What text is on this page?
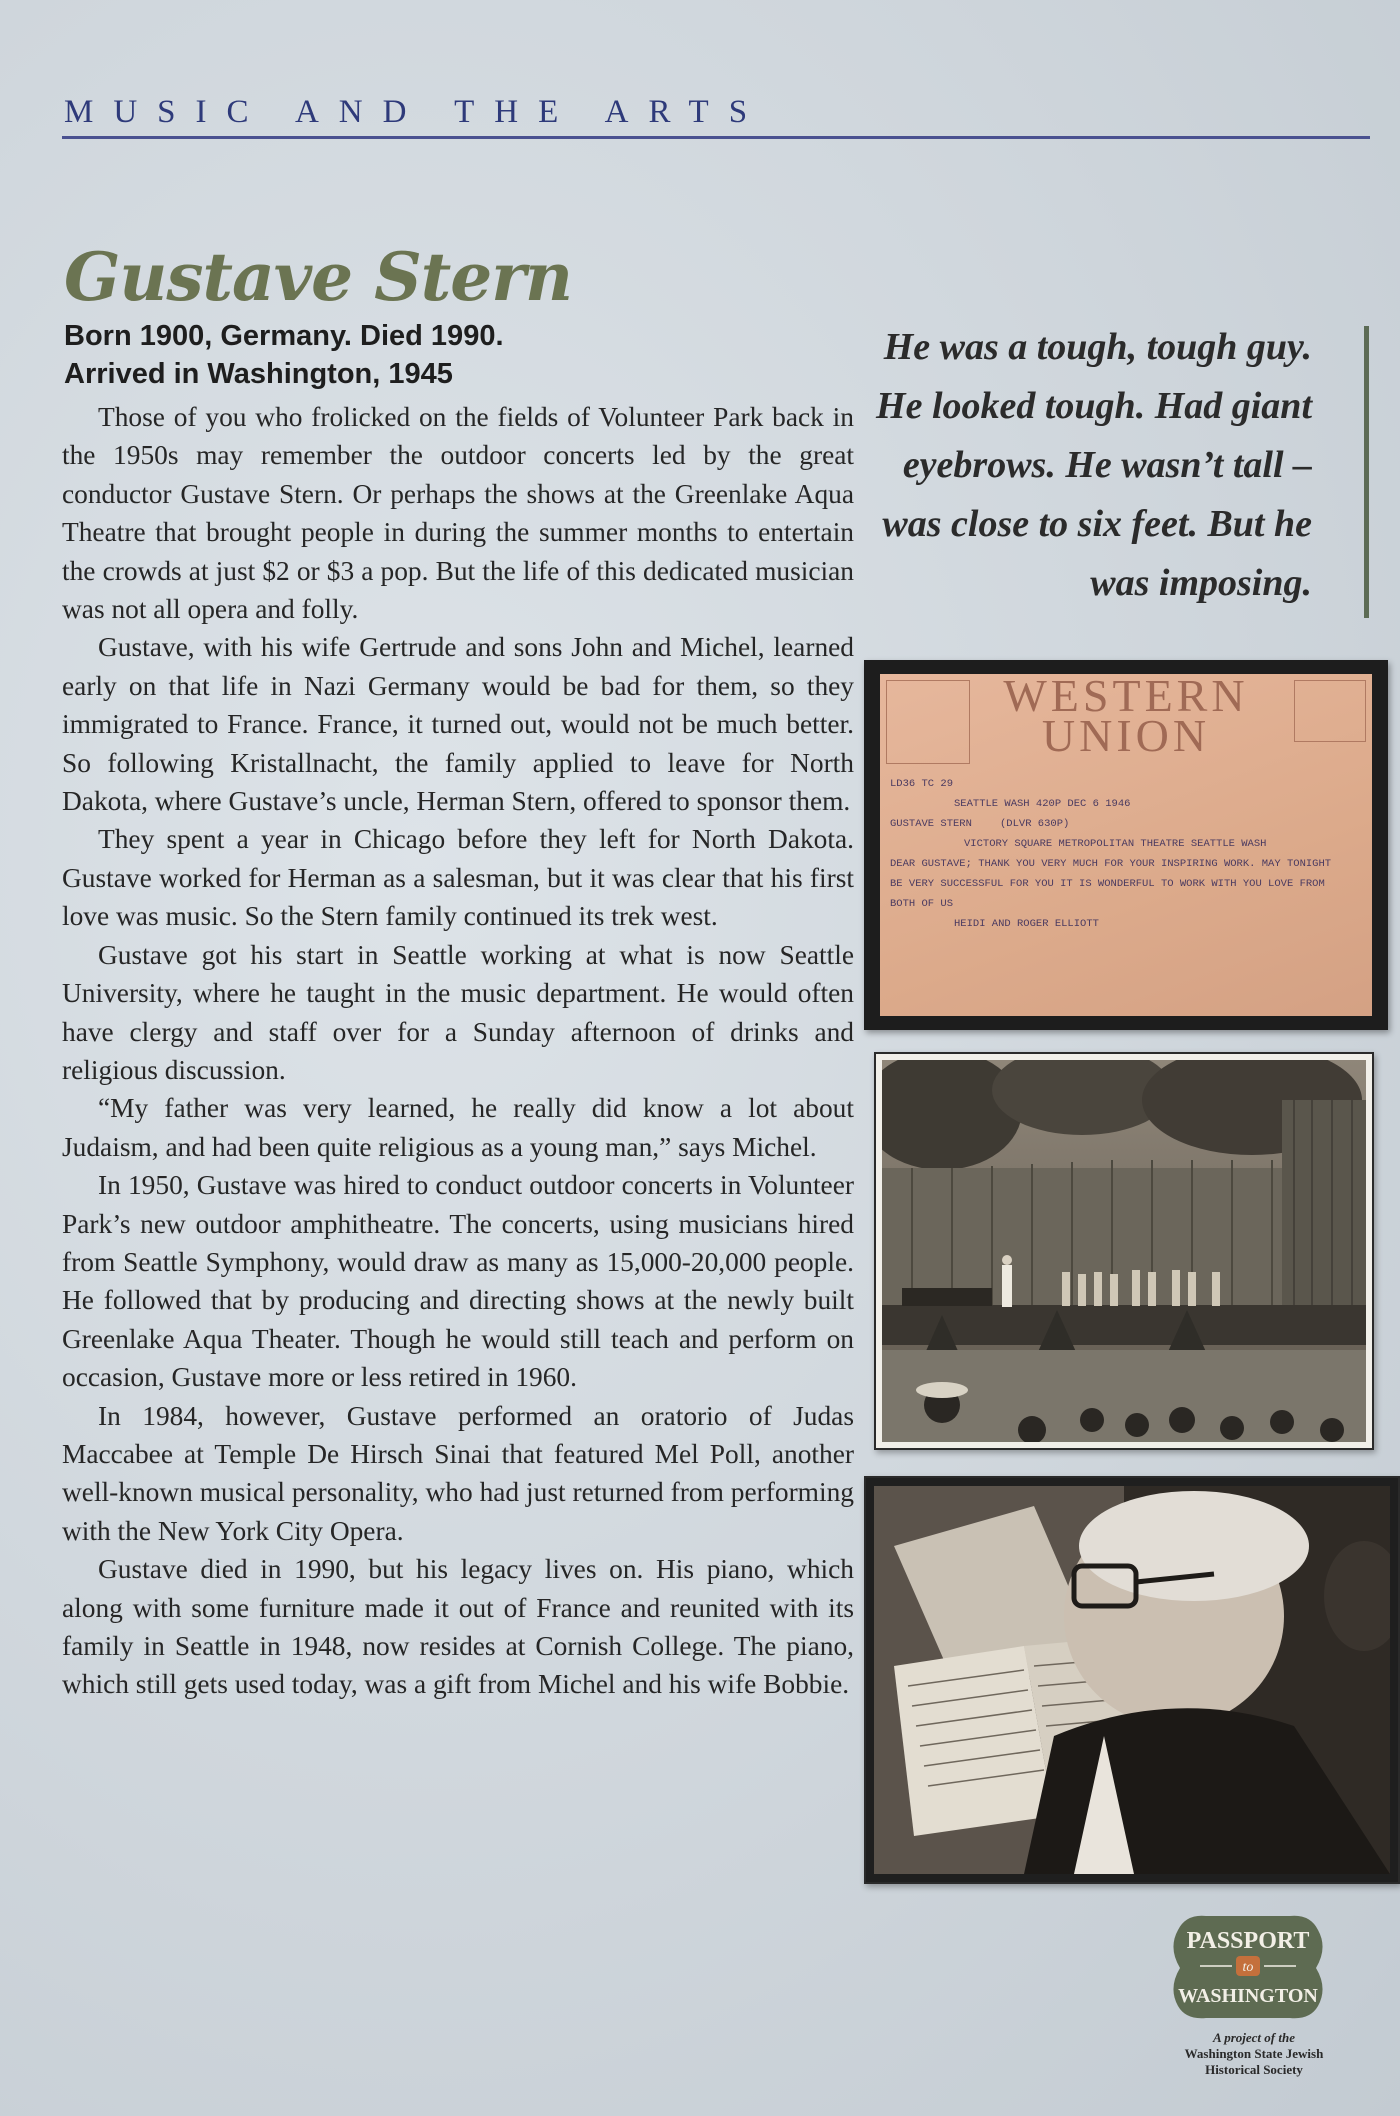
MUSIC AND THE ARTS
Gustave Stern
Born 1900, Germany. Died 1990.
Arrived in Washington, 1945

Those of you who frolicked on the fields of Volunteer Park back in the 1950s may remember the outdoor concerts led by the great conductor Gustave Stern. Or perhaps the shows at the Greenlake Aqua Theatre that brought people in during the summer months to entertain the crowds at just $2 or $3 a pop. But the life of this dedicated musician was not all opera and folly.

Gustave, with his wife Gertrude and sons John and Michel, learned early on that life in Nazi Germany would be bad for them, so they immigrated to France. France, it turned out, would not be much better. So following Kristallnacht, the family applied to leave for North Dakota, where Gustave’s uncle, Herman Stern, offered to sponsor them.

They spent a year in Chicago before they left for North Dakota. Gustave worked for Herman as a salesman, but it was clear that his first love was music. So the Stern family continued its trek west.

Gustave got his start in Seattle working at what is now Seattle University, where he taught in the music department. He would often have clergy and staff over for a Sunday afternoon of drinks and religious discussion.

“My father was very learned, he really did know a lot about Judaism, and had been quite religious as a young man,” says Michel.

In 1950, Gustave was hired to conduct outdoor concerts in Volunteer Park’s new outdoor amphitheatre. The concerts, using musicians hired from Seattle Symphony, would draw as many as 15,000-20,000 people. He followed that by producing and directing shows at the newly built Greenlake Aqua Theater. Though he would still teach and perform on occasion, Gustave more or less retired in 1960.

In 1984, however, Gustave performed an oratorio of Judas Maccabee at Temple De Hirsch Sinai that featured Mel Poll, another well-known musical personality, who had just returned from performing with the New York City Opera.

Gustave died in 1990, but his legacy lives on. His piano, which along with some furniture made it out of France and reunited with its family in Seattle in 1948, now resides at Cornish College. The piano, which still gets used today, was a gift from Michel and his wife Bobbie.

He was a tough, tough guy. He looked tough. Had giant eyebrows. He wasn’t tall – was close to six feet. But he was imposing.
WESTERN
UNION
LD36 TC 29
SEATTLE WASH 420P DEC 6 1946
GUSTAVE STERN	(DLVR 630P)
VICTORY SQUARE METROPOLITAN THEATRE SEATTLE WASH
DEAR GUSTAVE; THANK YOU VERY MUCH FOR YOUR INSPIRING WORK. MAY TONIGHT
BE VERY SUCCESSFUL FOR YOU IT IS WONDERFUL TO WORK WITH YOU LOVE FROM
BOTH OF US
HEIDI AND ROGER ELLIOTT
PASSPORT
to
WASHINGTON
A project of the
Washington State Jewish
Historical Society
